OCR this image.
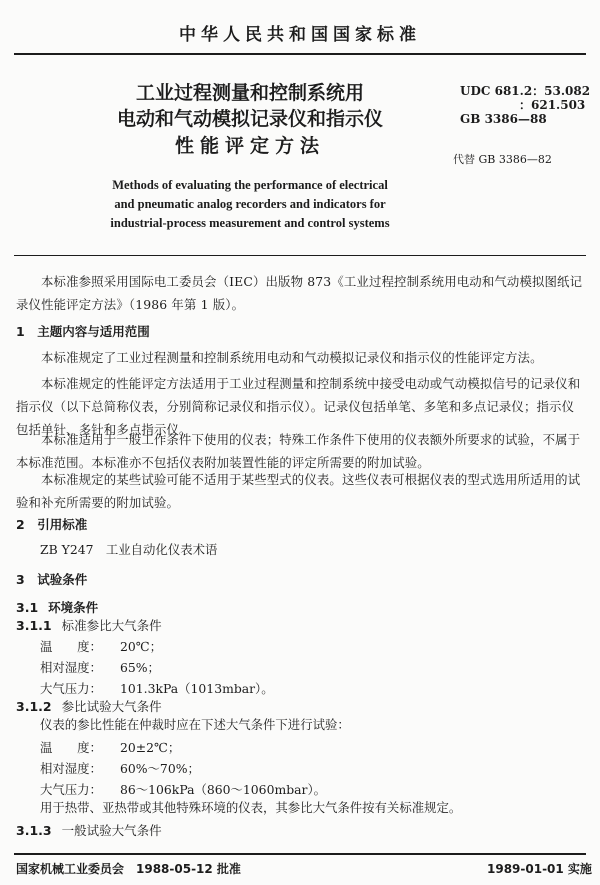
中华人民共和国国家标准
工业过程测量和控制系统用
电动和气动模拟记录仪和指示仪
性能评定方法
UDC 681.2：53.082
：621.503
GB 3386—88
代替 GB 3386—82
Methods of evaluating the performance of electrical
and pneumatic analog recorders and indicators for
industrial-process measurement and control systems
本标准参照采用国际电工委员会（IEC）出版物 873《工业过程控制系统用电动和气动模拟图纸记录仪性能评定方法》（1986 年第 1 版）。
1　主题内容与适用范围
本标准规定了工业过程测量和控制系统用电动和气动模拟记录仪和指示仪的性能评定方法。
本标准规定的性能评定方法适用于工业过程测量和控制系统中接受电动或气动模拟信号的记录仪和指示仪（以下总简称仪表，分别简称记录仪和指示仪）。记录仪包括单笔、多笔和多点记录仪；指示仪包括单针、多针和多点指示仪。
本标准适用于一般工作条件下使用的仪表；特殊工作条件下使用的仪表额外所要求的试验，不属于本标准范围。本标准亦不包括仪表附加装置性能的评定所需要的附加试验。
本标准规定的某些试验可能不适用于某些型式的仪表。这些仪表可根据仪表的型式选用所适用的试验和补充所需要的附加试验。
2　引用标准
ZB Y247　工业自动化仪表术语
3　试验条件
3.1 环境条件
3.1.1 标准参比大气条件
温　　度： 20℃；
相对湿度： 65%；
大气压力： 101.3kPa（1013mbar）。
3.1.2 参比试验大气条件
仪表的参比性能在仲裁时应在下述大气条件下进行试验：
温　　度： 20±2℃；
相对湿度： 60%～70%；
大气压力： 86～106kPa（860～1060mbar）。
用于热带、亚热带或其他特殊环境的仪表，其参比大气条件按有关标准规定。
3.1.3 一般试验大气条件
国家机械工业委员会　1988-05-12 批准	1989-01-01 实施
